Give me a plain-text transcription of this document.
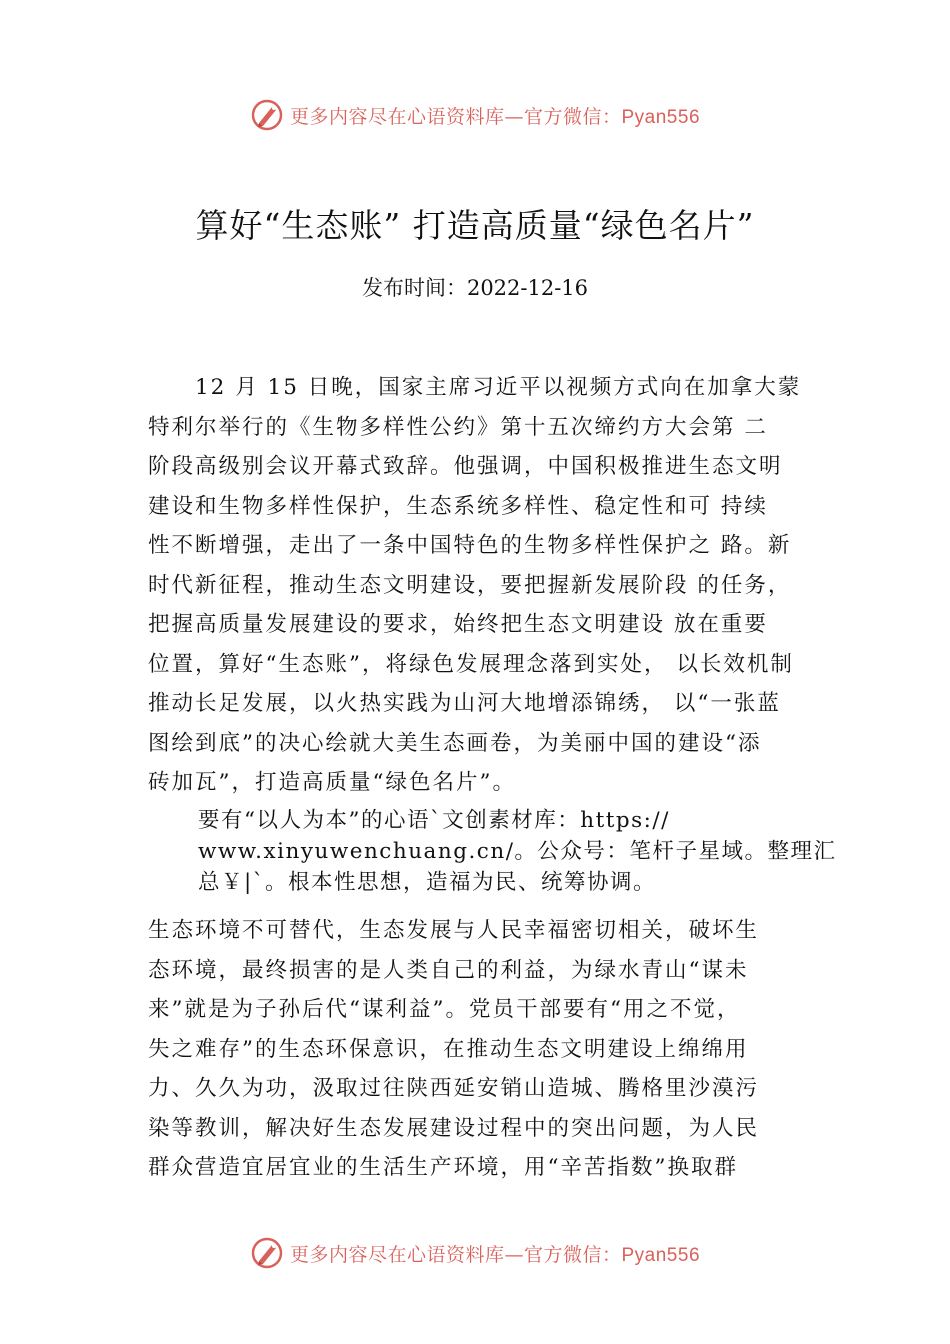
更多内容尽在心语资料库—官方微信：Pyan556
算好“生态账” 打造高质量“绿色名片”
发布时间：2022-12-16
　　12 月 15 日晚，国家主席习近平以视频方式向在加拿大蒙
特利尔举行的《生物多样性公约》第十五次缔约方大会第 二
阶段高级别会议开幕式致辞。他强调，中国积极推进生态文明
建设和生物多样性保护，生态系统多样性、稳定性和可 持续
性不断增强，走出了一条中国特色的生物多样性保护之 路。新
时代新征程，推动生态文明建设，要把握新发展阶段 的任务，
把握高质量发展建设的要求，始终把生态文明建设 放在重要
位置，算好“生态账”，将绿色发展理念落到实处， 以长效机制
推动长足发展，以火热实践为山河大地增添锦绣， 以“一张蓝
图绘到底”的决心绘就大美生态画卷，为美丽中国的建设“添
砖加瓦”，打造高质量“绿色名片”。
要有“以人为本”的心语`文创素材库：https://
www.xinyuwenchuang.cn/。公众号：笔杆子星域。整理汇
总￥|`。根本性思想，造福为民、统筹协调。
生态环境不可替代，生态发展与人民幸福密切相关，破坏生
态环境，最终损害的是人类自己的利益，为绿水青山“谋未
来”就是为子孙后代“谋利益”。党员干部要有“用之不觉，
失之难存”的生态环保意识，在推动生态文明建设上绵绵用
力、久久为功，汲取过往陕西延安销山造城、腾格里沙漠污
染等教训，解决好生态发展建设过程中的突出问题，为人民
群众营造宜居宜业的生活生产环境，用“辛苦指数”换取群
更多内容尽在心语资料库—官方微信：Pyan556
